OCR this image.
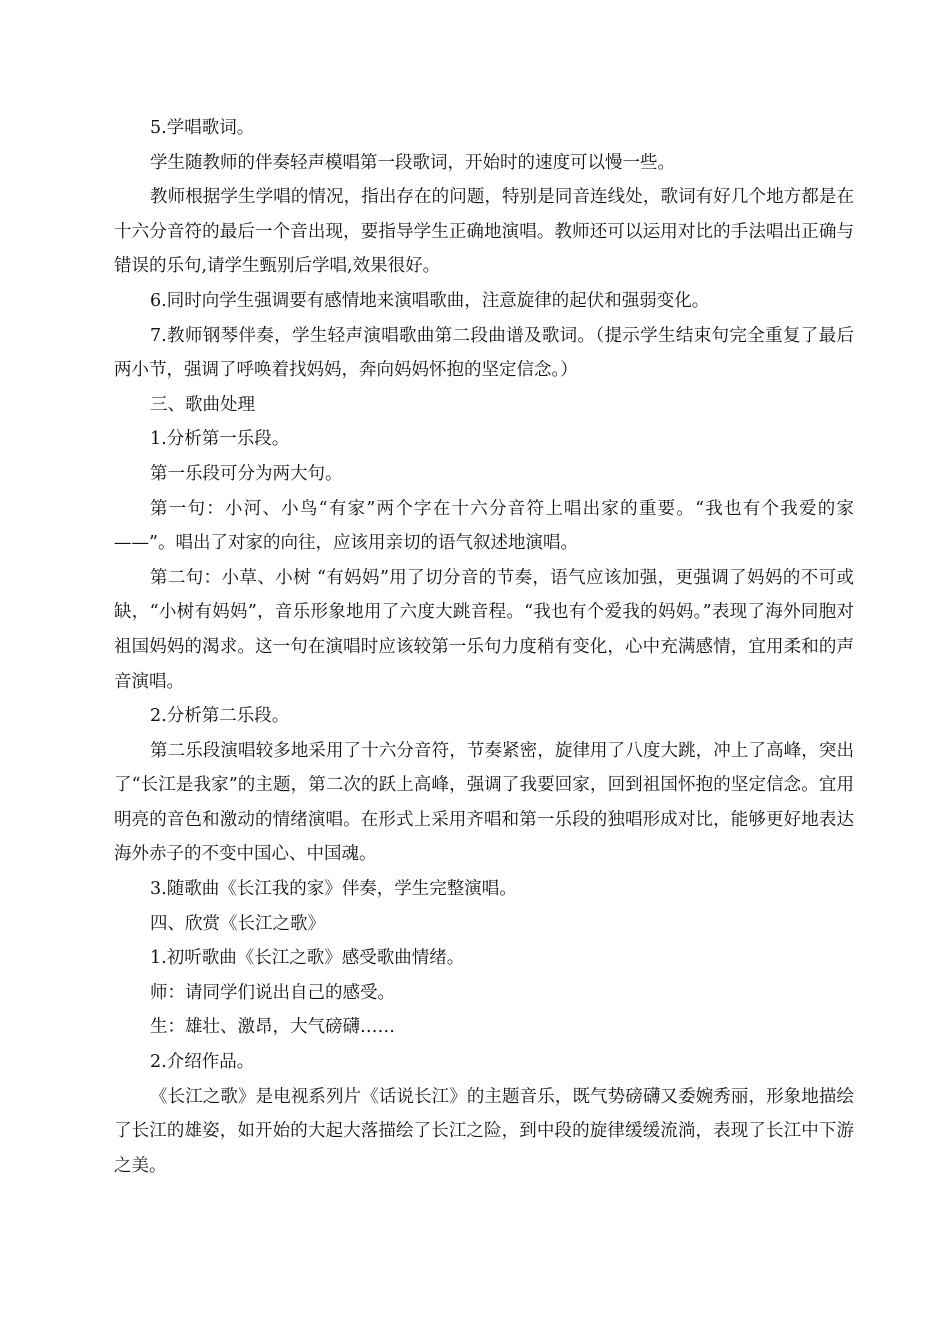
5.学唱歌词。

学生随教师的伴奏轻声模唱第一段歌词，开始时的速度可以慢一些。

教师根据学生学唱的情况，指出存在的问题，特别是同音连线处，歌词有好几个地方都是在十六分音符的最后一个音出现，要指导学生正确地演唱。教师还可以运用对比的手法唱出正确与错误的乐句,请学生甄别后学唱,效果很好。

6.同时向学生强调要有感情地来演唱歌曲，注意旋律的起伏和强弱变化。

7.教师钢琴伴奏，学生轻声演唱歌曲第二段曲谱及歌词。（提示学生结束句完全重复了最后两小节，强调了呼唤着找妈妈，奔向妈妈怀抱的坚定信念。）

三、歌曲处理

1.分析第一乐段。

第一乐段可分为两大句。

第一句：小河、小鸟“有家”两个字在十六分音符上唱出家的重要。“我也有个我爱的家——”。唱出了对家的向往，应该用亲切的语气叙述地演唱。

第二句：小草、小树 “有妈妈”用了切分音的节奏，语气应该加强，更强调了妈妈的不可或缺，“小树有妈妈”，音乐形象地用了六度大跳音程。“我也有个爱我的妈妈。”表现了海外同胞对祖国妈妈的渴求。这一句在演唱时应该较第一乐句力度稍有变化，心中充满感情，宜用柔和的声音演唱。

2.分析第二乐段。

第二乐段演唱较多地采用了十六分音符，节奏紧密，旋律用了八度大跳，冲上了高峰，突出了“长江是我家”的主题，第二次的跃上高峰，强调了我要回家，回到祖国怀抱的坚定信念。宜用明亮的音色和激动的情绪演唱。在形式上采用齐唱和第一乐段的独唱形成对比，能够更好地表达海外赤子的不变中国心、中国魂。

3.随歌曲《长江我的家》伴奏，学生完整演唱。

四、欣赏《长江之歌》

1.初听歌曲《长江之歌》感受歌曲情绪。

师：请同学们说出自己的感受。

生：雄壮、激昂，大气磅礴……

2.介绍作品。

《长江之歌》是电视系列片《话说长江》的主题音乐，既气势磅礴又委婉秀丽，形象地描绘了长江的雄姿，如开始的大起大落描绘了长江之险，到中段的旋律缓缓流淌，表现了长江中下游之美。
